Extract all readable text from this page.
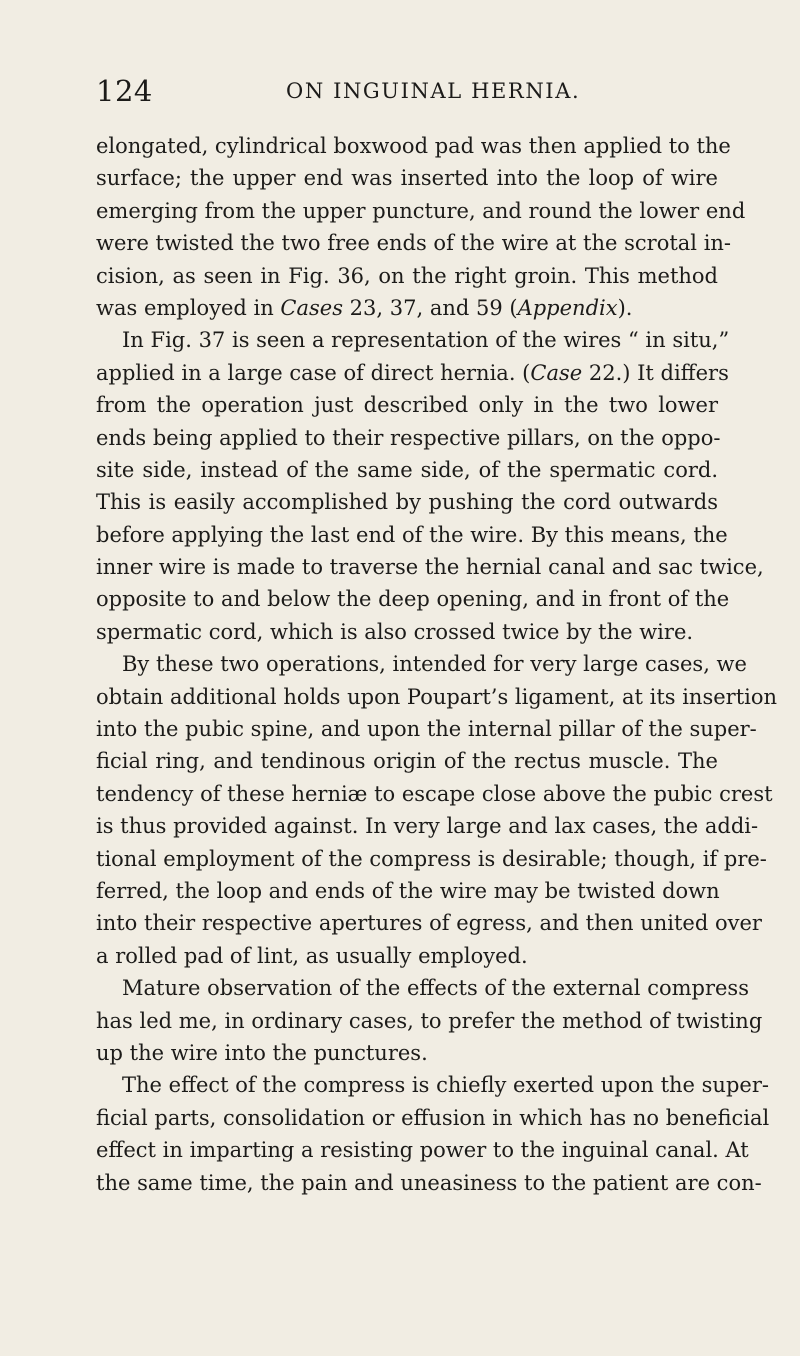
124	ON INGUINAL HERNIA.
elongated, cylindrical boxwood pad was then applied to the
surface; the upper end was inserted into the loop of wire
emerging from the upper puncture, and round the lower end
were twisted the two free ends of the wire at the scrotal in-
cision, as seen in Fig. 36, on the right groin. This method
was employed in Cases 23, 37, and 59 (Appendix).
In Fig. 37 is seen a representation of the wires “ in situ,”
applied in a large case of direct hernia. (Case 22.) It differs
from the operation just described only in the two lower
ends being applied to their respective pillars, on the oppo-
site side, instead of the same side, of the spermatic cord.
This is easily accomplished by pushing the cord outwards
before applying the last end of the wire. By this means, the
inner wire is made to traverse the hernial canal and sac twice,
opposite to and below the deep opening, and in front of the
spermatic cord, which is also crossed twice by the wire.
By these two operations, intended for very large cases, we
obtain additional holds upon Poupart’s ligament, at its insertion
into the pubic spine, and upon the internal pillar of the super-
ficial ring, and tendinous origin of the rectus muscle. The
tendency of these herniæ to escape close above the pubic crest
is thus provided against. In very large and lax cases, the addi-
tional employment of the compress is desirable; though, if pre-
ferred, the loop and ends of the wire may be twisted down
into their respective apertures of egress, and then united over
a rolled pad of lint, as usually employed.
Mature observation of the effects of the external compress
has led me, in ordinary cases, to prefer the method of twisting
up the wire into the punctures.
The effect of the compress is chiefly exerted upon the super-
ficial parts, consolidation or effusion in which has no beneficial
effect in imparting a resisting power to the inguinal canal. At
the same time, the pain and uneasiness to the patient are con-
